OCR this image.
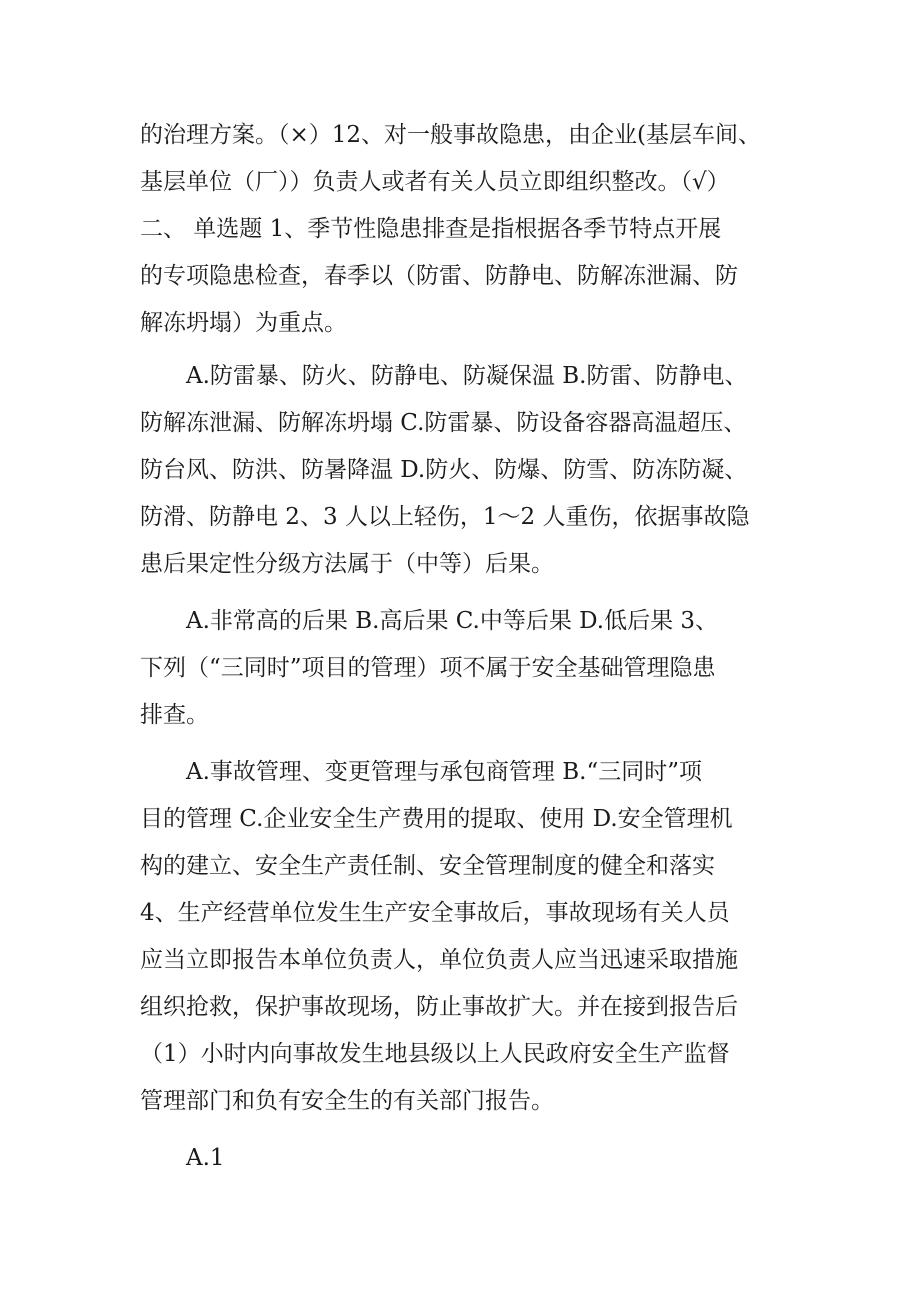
的治理方案。（×）12、对一般事故隐患，由企业(基层车间、
基层单位（厂））负责人或者有关人员立即组织整改。（√）
二、 单选题 1、季节性隐患排查是指根据各季节特点开展
的专项隐患检查，春季以（防雷、防静电、防解冻泄漏、防
解冻坍塌）为重点。
A.防雷暴、防火、防静电、防凝保温 B.防雷、防静电、
防解冻泄漏、防解冻坍塌 C.防雷暴、防设备容器高温超压、
防台风、防洪、防暑降温 D.防火、防爆、防雪、防冻防凝、
防滑、防静电 2、3 人以上轻伤，1～2 人重伤，依据事故隐
患后果定性分级方法属于（中等）后果。
A.非常高的后果 B.高后果 C.中等后果 D.低后果 3、
下列（“三同时”项目的管理）项不属于安全基础管理隐患
排查。
A.事故管理、变更管理与承包商管理 B.“三同时”项
目的管理 C.企业安全生产费用的提取、使用 D.安全管理机
构的建立、安全生产责任制、安全管理制度的健全和落实
4、生产经营单位发生生产安全事故后，事故现场有关人员
应当立即报告本单位负责人，单位负责人应当迅速采取措施
组织抢救，保护事故现场，防止事故扩大。并在接到报告后
（1）小时内向事故发生地县级以上人民政府安全生产监督
管理部门和负有安全生的有关部门报告。
A.1
